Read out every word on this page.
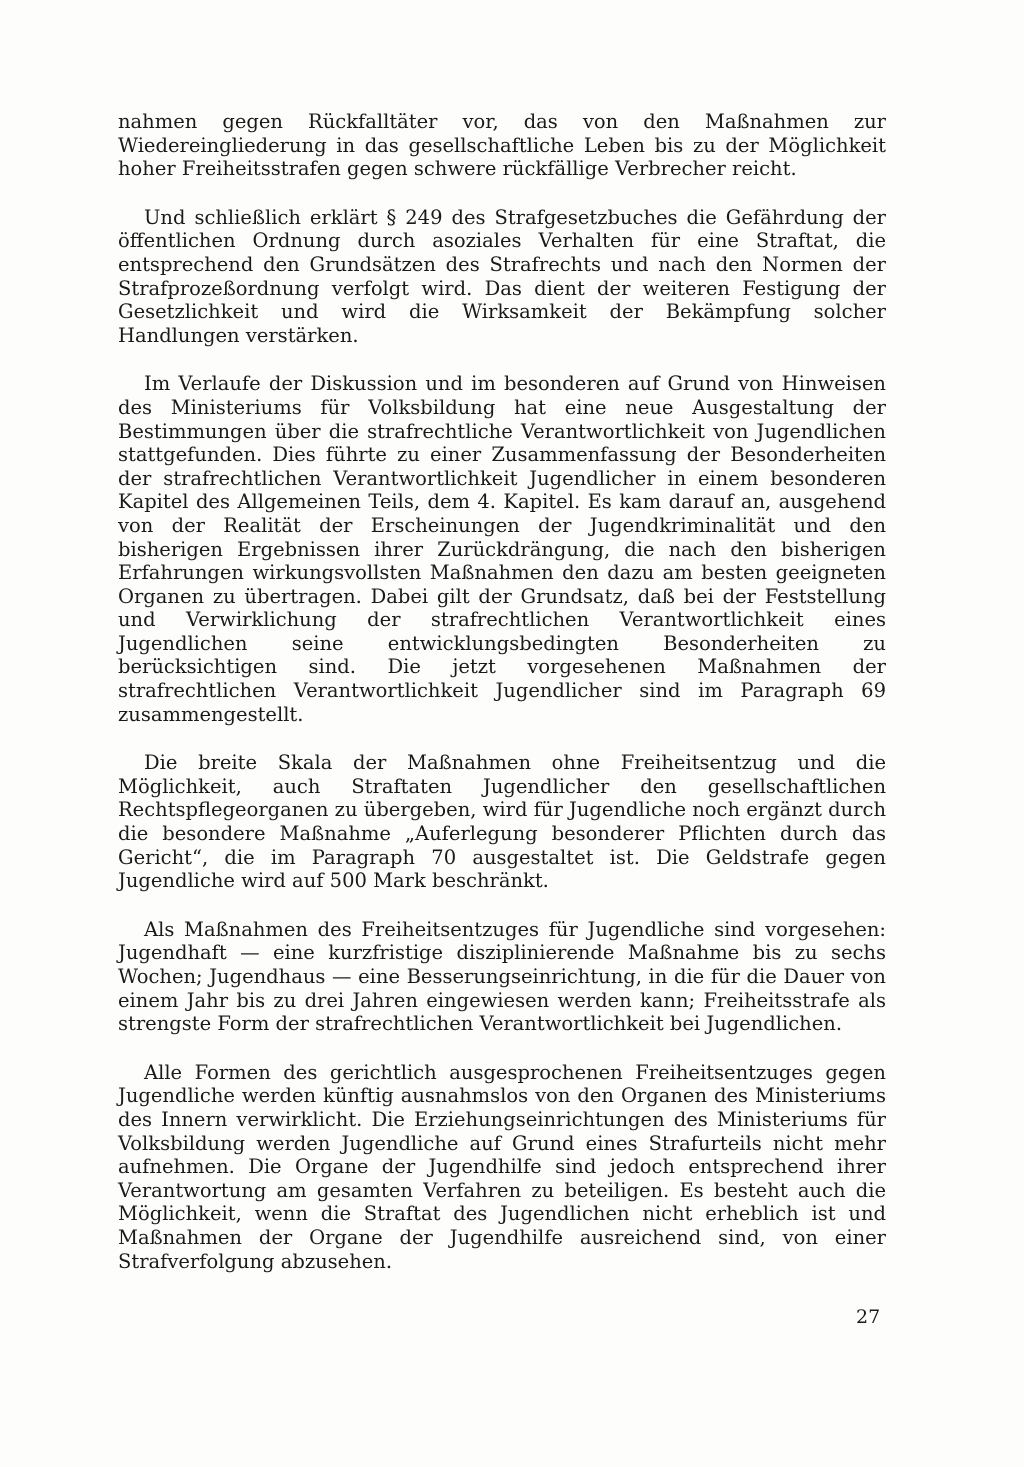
nahmen gegen Rückfalltäter vor, das von den Maßnahmen zur Wiedereingliederung in das gesellschaftliche Leben bis zu der Möglichkeit hoher Freiheitsstrafen gegen schwere rückfällige Verbrecher reicht.

Und schließlich erklärt § 249 des Strafgesetzbuches die Gefährdung der öffentlichen Ordnung durch asoziales Verhalten für eine Straftat, die entsprechend den Grundsätzen des Strafrechts und nach den Normen der Strafprozeßordnung verfolgt wird. Das dient der weiteren Festigung der Gesetzlichkeit und wird die Wirksamkeit der Bekämpfung solcher Handlungen verstärken.

Im Verlaufe der Diskussion und im besonderen auf Grund von Hinweisen des Ministeriums für Volksbildung hat eine neue Ausgestaltung der Bestimmungen über die strafrechtliche Verantwortlichkeit von Jugendlichen stattgefunden. Dies führte zu einer Zusammenfassung der Besonderheiten der strafrechtlichen Verantwortlichkeit Jugendlicher in einem besonderen Kapitel des Allgemeinen Teils, dem 4. Kapitel. Es kam darauf an, ausgehend von der Realität der Erscheinungen der Jugendkriminalität und den bisherigen Ergebnissen ihrer Zurückdrängung, die nach den bisherigen Erfahrungen wirkungsvollsten Maßnahmen den dazu am besten geeigneten Organen zu übertragen. Dabei gilt der Grundsatz, daß bei der Feststellung und Verwirklichung der strafrechtlichen Verantwortlichkeit eines Jugendlichen seine entwicklungsbedingten Besonderheiten zu berücksichtigen sind. Die jetzt vorgesehenen Maßnahmen der strafrechtlichen Verantwortlichkeit Jugendlicher sind im Paragraph 69 zusammengestellt.

Die breite Skala der Maßnahmen ohne Freiheitsentzug und die Möglichkeit, auch Straftaten Jugendlicher den gesellschaftlichen Rechtspflegeorganen zu übergeben, wird für Jugendliche noch ergänzt durch die besondere Maßnahme „Auferlegung besonderer Pflichten durch das Gericht“, die im Paragraph 70 ausgestaltet ist. Die Geldstrafe gegen Jugendliche wird auf 500 Mark beschränkt.

Als Maßnahmen des Freiheitsentzuges für Jugendliche sind vorgesehen: Jugendhaft — eine kurzfristige disziplinierende Maßnahme bis zu sechs Wochen; Jugendhaus — eine Besserungseinrichtung, in die für die Dauer von einem Jahr bis zu drei Jahren eingewiesen werden kann; Freiheitsstrafe als strengste Form der strafrechtlichen Verantwortlichkeit bei Jugendlichen.

Alle Formen des gerichtlich ausgesprochenen Freiheitsentzuges gegen Jugendliche werden künftig ausnahmslos von den Organen des Ministeriums des Innern verwirklicht. Die Erziehungseinrichtungen des Ministeriums für Volksbildung werden Jugendliche auf Grund eines Strafurteils nicht mehr aufnehmen. Die Organe der Jugendhilfe sind jedoch entsprechend ihrer Verantwortung am gesamten Verfahren zu beteiligen. Es besteht auch die Möglichkeit, wenn die Straftat des Jugendlichen nicht erheblich ist und Maßnahmen der Organe der Jugendhilfe ausreichend sind, von einer Strafverfolgung abzusehen.

27
